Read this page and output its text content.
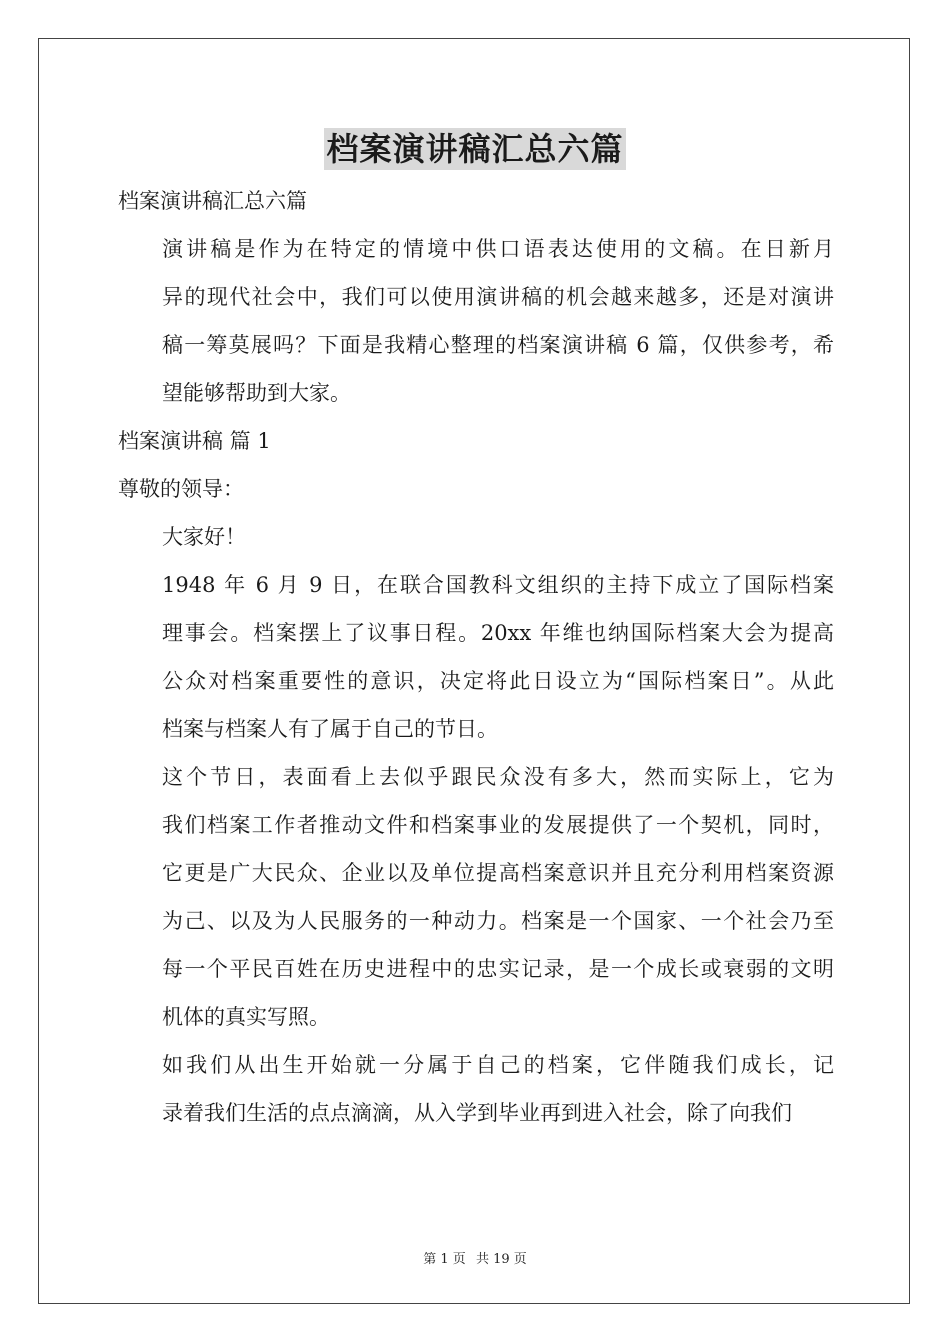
档案演讲稿汇总六篇

档案演讲稿汇总六篇

演讲稿是作为在特定的情境中供口语表达使用的文稿。在日新月
异的现代社会中，我们可以使用演讲稿的机会越来越多，还是对演讲
稿一筹莫展吗？下面是我精心整理的档案演讲稿 6 篇，仅供参考，希
望能够帮助到大家。

档案演讲稿 篇 1

尊敬的领导：

大家好！

1948 年 6 月 9 日，在联合国教科文组织的主持下成立了国际档案
理事会。档案摆上了议事日程。20xx 年维也纳国际档案大会为提高
公众对档案重要性的意识，决定将此日设立为“国际档案日”。从此
档案与档案人有了属于自己的节日。

这个节日，表面看上去似乎跟民众没有多大，然而实际上，它为
我们档案工作者推动文件和档案事业的发展提供了一个契机，同时，
它更是广大民众、企业以及单位提高档案意识并且充分利用档案资源
为己、以及为人民服务的一种动力。档案是一个国家、一个社会乃至
每一个平民百姓在历史进程中的忠实记录，是一个成长或衰弱的文明
机体的真实写照。

如我们从出生开始就一分属于自己的档案，它伴随我们成长，记
录着我们生活的点点滴滴，从入学到毕业再到进入社会，除了向我们

第 1 页 共 19 页
